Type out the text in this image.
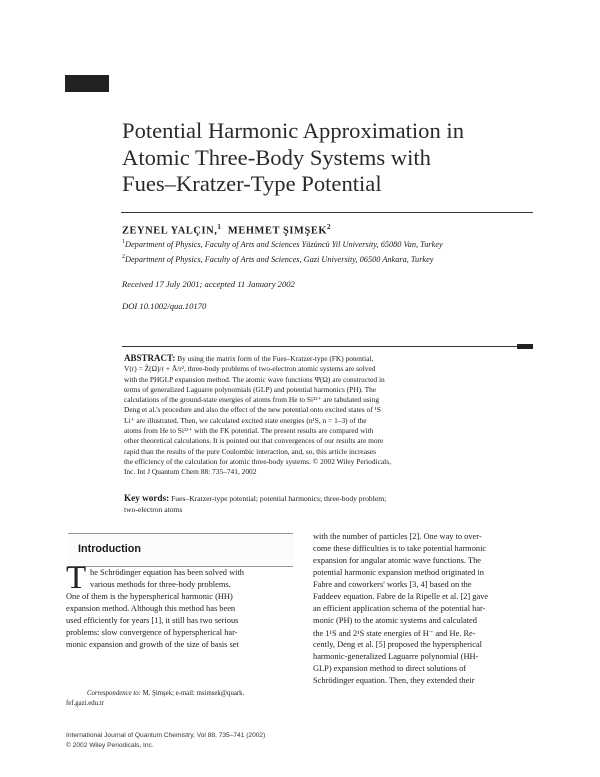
Potential Harmonic Approximation in
Atomic Three-Body Systems with
Fues–Kratzer-Type Potential
ZEYNEL YALÇIN,$^1$ MEHMET ŞIMŞEK$^2$
$^1$Department of Physics, Faculty of Arts and Sciences Yüzüncü Yil University, 65080 Van, Turkey
$^2$Department of Physics, Faculty of Arts and Sciences, Gazi University, 06500 Ankara, Turkey
Received 17 July 2001; accepted 11 January 2002
DOI 10.1002/qua.10170
ABSTRACT: By using the matrix form of the Fues–Kratzer-type (FK) potential,
V(r) = Z̃(Ω)/r + Ã/r², three-body problems of two-electron atomic systems are solved
with the PHGLP expansion method. The atomic wave functions Ψ(Ω) are constructed in
terms of generalized Laguarre polynomials (GLP) and potential harmonics (PH). The
calculations of the ground-state energies of atoms from He to Si¹²⁺ are tabulated using
Deng et al.'s procedure and also the effect of the new potential onto excited states of ¹S
Li⁺ are illustrated. Then, we calculated excited state energies (n¹S, n = 1–3) of the
atoms from He to Si¹²⁺ with the FK potential. The present results are compared with
other theoretical calculations. It is pointed out that convergences of our results are more
rapid than the results of the pure Coulombic interaction, and, so, this article increases
the efficiency of the calculation for atomic three-body systems. © 2002 Wiley Periodicals,
Inc. Int J Quantum Chem 88: 735–741, 2002
Key words: Fues–Kratzer-type potential; potential harmonics; three-body problem;
two-electron atoms
Introduction
T he Schrödinger equation has been solved with
various methods for three-body problems.
One of them is the hyperspherical harmonic (HH)
expansion method. Although this method has been
used efficiently for years [1], it still has two serious
problems: slow convergence of hyperspherical har-
monic expansion and growth of the size of basis set
with the number of particles [2]. One way to over-
come these difficulties is to take potential harmonic
expansion for angular atomic wave functions. The
potential harmonic expansion method originated in
Fabre and coworkers' works [3, 4] based on the
Faddeev equation. Fabre de la Ripelle et al. [2] gave
an efficient application schema of the potential har-
monic (PH) to the atomic systems and calculated
the 1¹S and 2¹S state energies of H⁻ and He. Re-
cently, Deng et al. [5] proposed the hyperspherical
harmonic-generalized Laguarre polynomial (HH-
GLP) expansion method to direct solutions of
Schrödinger equation. Then, they extended their
Correspondence to: M. Şimşek; e-mail: msimsek@quark.
fef.gazi.edu.tr
International Journal of Quantum Chemistry, Vol 88, 735–741 (2002)
© 2002 Wiley Periodicals, Inc.
